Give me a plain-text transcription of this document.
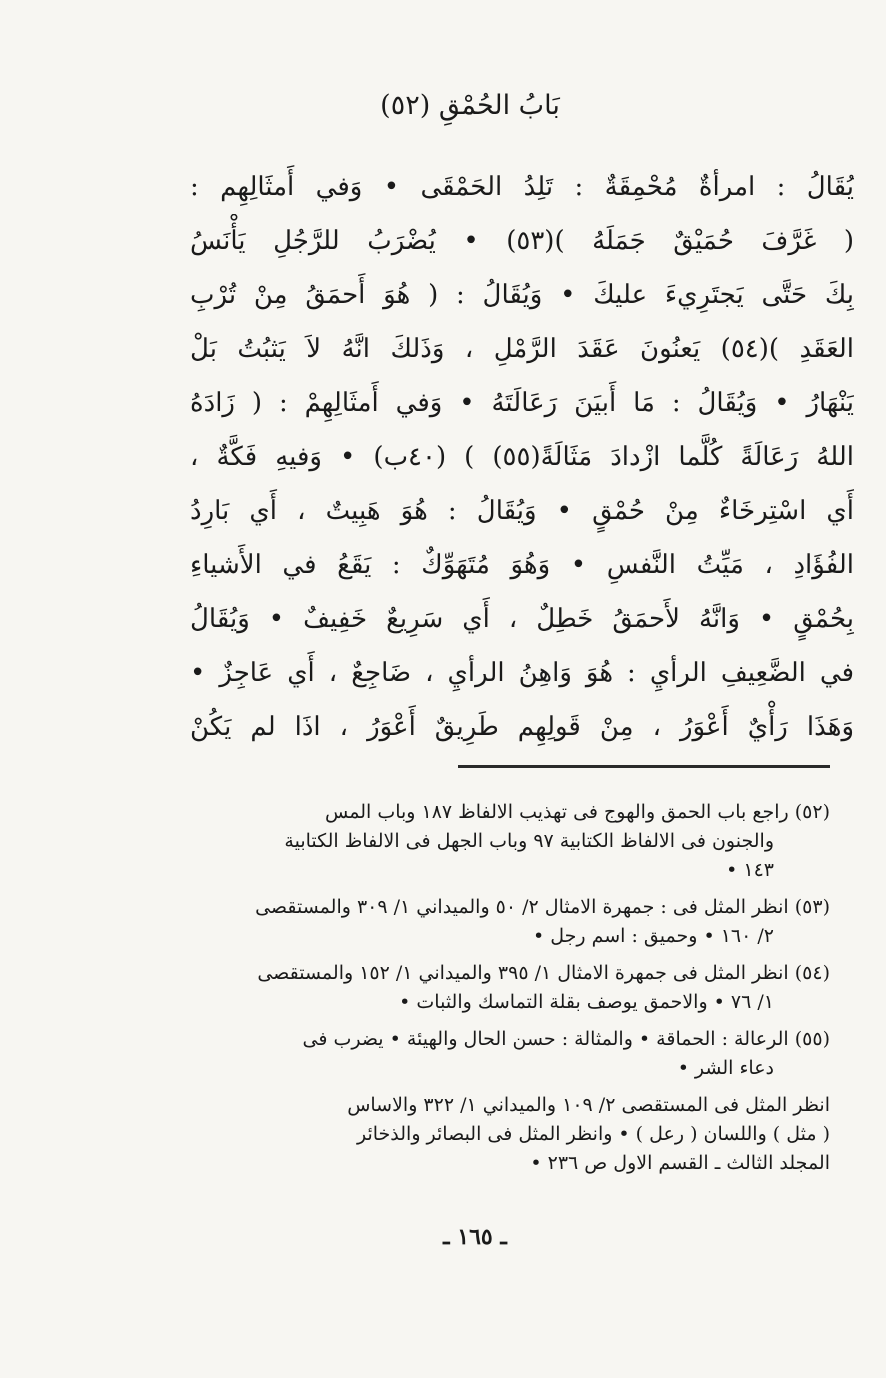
بَابُ الحُمْقِ (٥٢)
يُقَالُ : امرأةٌ مُحْمِقَةٌ : تَلِدُ الحَمْقَى • وَفي أَمثَالِهِم :
( غَرَّفَ حُمَيْقٌ جَمَلَهُ )(٥٣) • يُضْرَبُ للرَّجُلِ يَأْنَسُ
بِكَ حَتَّى يَجتَرِيءَ عليكَ • وَيُقَالُ : ( هُوَ أَحمَقُ مِنْ تُرْبِ
العَقَدِ )(٥٤) يَعنُونَ عَقَدَ الرَّمْلِ ، وَذَلكَ انَّهُ لاَ يَثبُتُ بَلْ
يَنْهَارُ • وَيُقَالُ : مَا أَبيَنَ رَعَالَتَهُ • وَفي أَمثَالِهِمْ : ( زَادَهُ
اللهُ رَعَالَةً كُلَّما ازْدادَ مَثَالَةً(٥٥) ) (٤٠ب) • وَفيهِ فَكَّةٌ ،
أَي اسْتِرخَاءٌ مِنْ حُمْقٍ • وَيُقَالُ : هُوَ هَبِيتٌ ، أَي بَارِدُ
الفُؤَادِ ، مَيِّتُ النَّفسِ • وَهُوَ مُتَهَوِّكٌ : يَقَعُ في الأَشياءِ
بِحُمْقٍ • وَانَّهُ لأَحمَقُ خَطِلٌ ، أَي سَرِيعٌ خَفِيفٌ • وَيُقَالُ
في الضَّعِيفِ الرأيِ : هُوَ وَاهِنُ الرأيِ ، ضَاجِعٌ ، أَي عَاجِزٌ •
وَهَذَا رَأْيٌ أَعْوَرُ ، مِنْ قَولِهِم طَرِيقٌ أَعْوَرُ ، اذَا لم يَكُنْ
(٥٢) راجع باب الحمق والهوج فى تهذيب الالفاظ ١٨٧ وباب المس
والجنون فى الالفاظ الكتابية ٩٧ وباب الجهل فى الالفاظ الكتابية
١٤٣ •
(٥٣) انظر المثل فى : جمهرة الامثال ٢/ ٥٠ والميداني ١/ ٣٠٩ والمستقصى
٢/ ١٦٠ • وحميق : اسم رجل •
(٥٤) انظر المثل فى جمهرة الامثال ١/ ٣٩٥ والميداني ١/ ١٥٢ والمستقصى
١/ ٧٦ • والاحمق يوصف بقلة التماسك والثبات •
(٥٥) الرعالة : الحماقة • والمثالة : حسن الحال والهيئة • يضرب فى
دعاء الشر •
انظر المثل فى المستقصى ٢/ ١٠٩ والميداني ١/ ٣٢٢ والاساس
( مثل ) واللسان ( رعل ) • وانظر المثل فى البصائر والذخائر
المجلد الثالث ـ القسم الاول ص ٢٣٦ •
ـ ١٦٥ ـ
